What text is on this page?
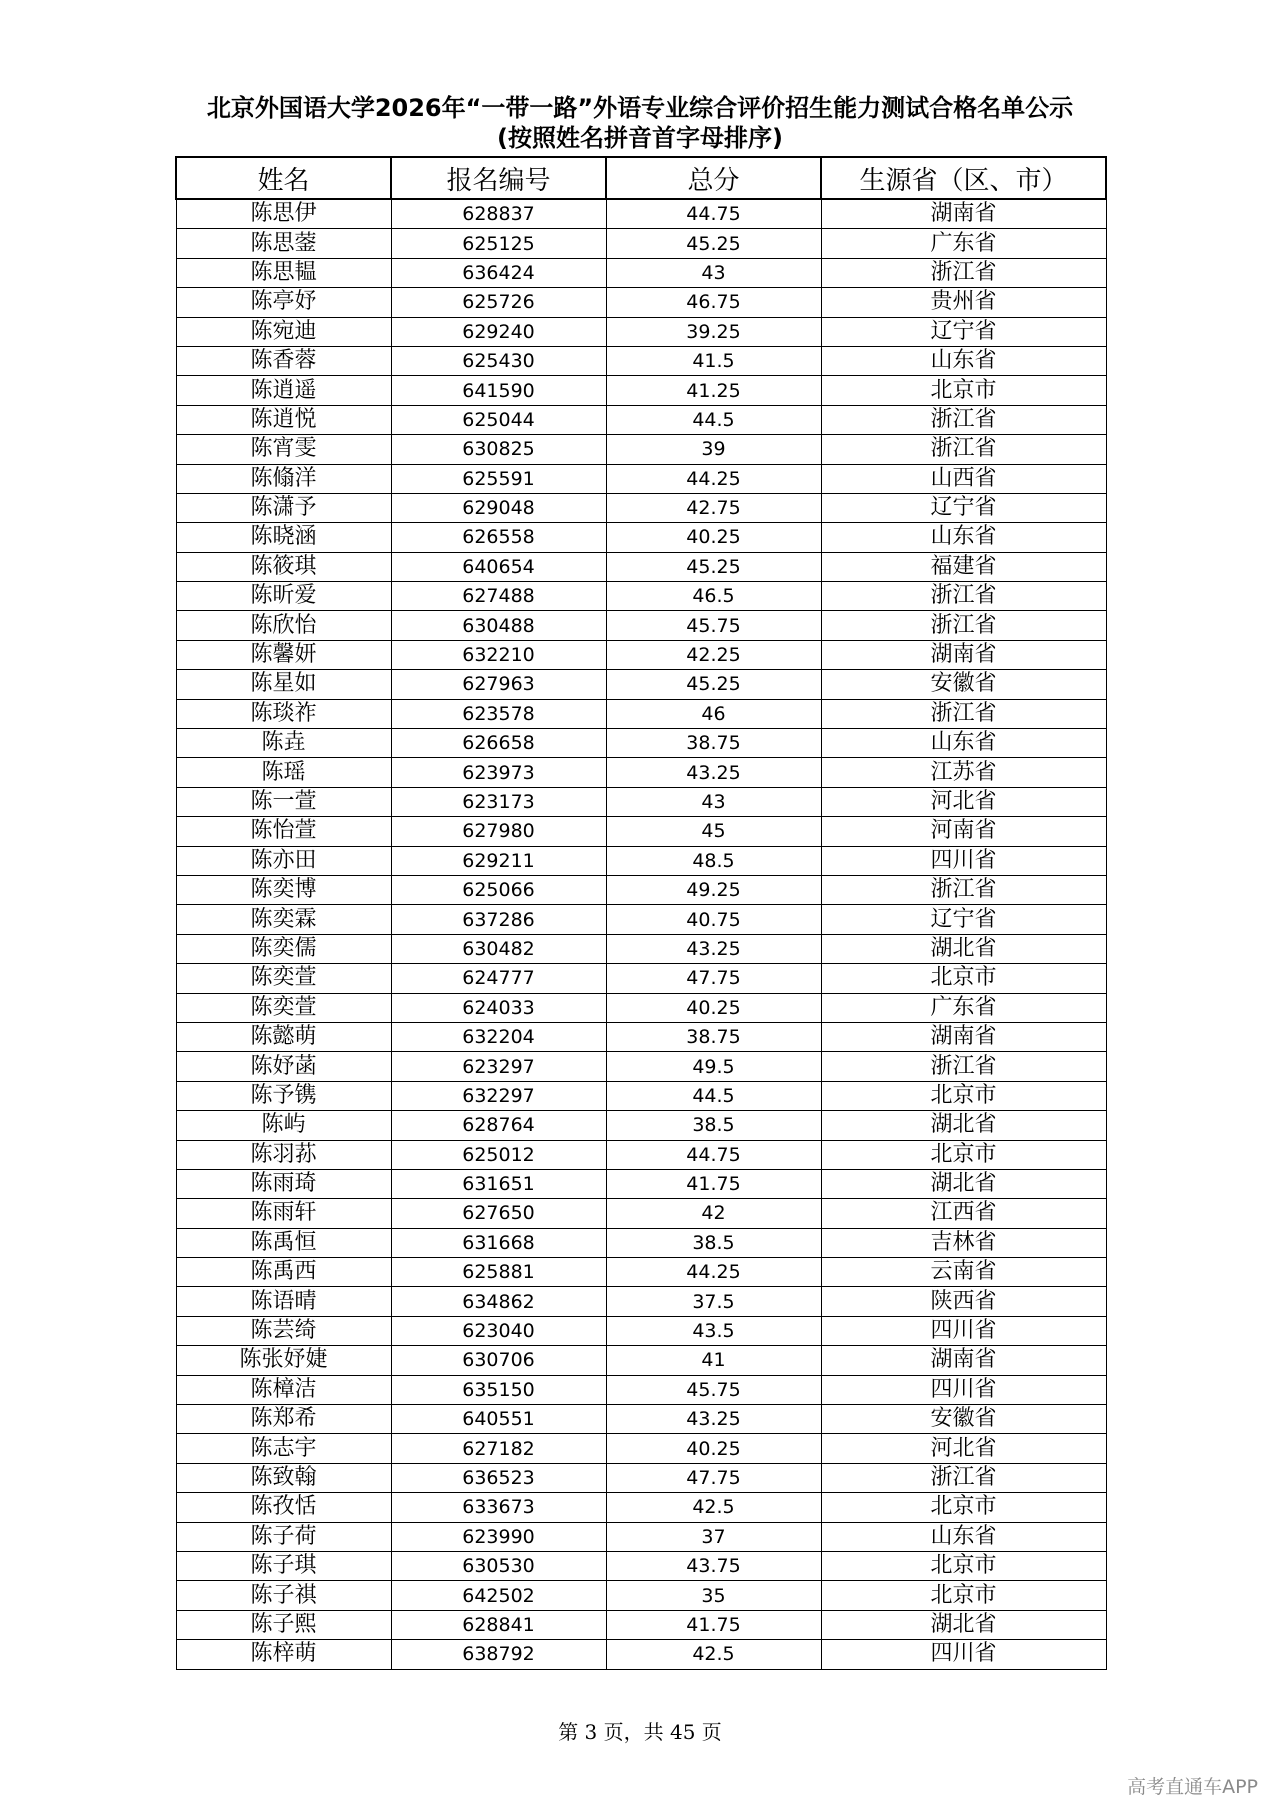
北京外国语大学2026年“一带一路”外语专业综合评价招生能力测试合格名单公示
(按照姓名拼音首字母排序)
姓名	报名编号	总分	生源省（区、市）
陈思伊	628837	44.75	湖南省
陈思蓥	625125	45.25	广东省
陈思韫	636424	43	浙江省
陈亭妤	625726	46.75	贵州省
陈宛迪	629240	39.25	辽宁省
陈香蓉	625430	41.5	山东省
陈逍遥	641590	41.25	北京市
陈逍悦	625044	44.5	浙江省
陈宵雯	630825	39	浙江省
陈翛洋	625591	44.25	山西省
陈潇予	629048	42.75	辽宁省
陈晓涵	626558	40.25	山东省
陈筱琪	640654	45.25	福建省
陈昕爱	627488	46.5	浙江省
陈欣怡	630488	45.75	浙江省
陈馨妍	632210	42.25	湖南省
陈星如	627963	45.25	安徽省
陈琰祚	623578	46	浙江省
陈垚	626658	38.75	山东省
陈瑶	623973	43.25	江苏省
陈一萱	623173	43	河北省
陈怡萱	627980	45	河南省
陈亦田	629211	48.5	四川省
陈奕博	625066	49.25	浙江省
陈奕霖	637286	40.75	辽宁省
陈奕儒	630482	43.25	湖北省
陈奕萱	624777	47.75	北京市
陈奕萱	624033	40.25	广东省
陈懿萌	632204	38.75	湖南省
陈妤菡	623297	49.5	浙江省
陈予镌	632297	44.5	北京市
陈屿	628764	38.5	湖北省
陈羽荪	625012	44.75	北京市
陈雨琦	631651	41.75	湖北省
陈雨轩	627650	42	江西省
陈禹恒	631668	38.5	吉林省
陈禹西	625881	44.25	云南省
陈语晴	634862	37.5	陕西省
陈芸绮	623040	43.5	四川省
陈张妤婕	630706	41	湖南省
陈樟洁	635150	45.75	四川省
陈郑希	640551	43.25	安徽省
陈志宇	627182	40.25	河北省
陈致翰	636523	47.75	浙江省
陈孜恬	633673	42.5	北京市
陈子荷	623990	37	山东省
陈子琪	630530	43.75	北京市
陈子祺	642502	35	北京市
陈子熙	628841	41.75	湖北省
陈梓萌	638792	42.5	四川省
第 3 页，共 45 页
高考直通车APP
